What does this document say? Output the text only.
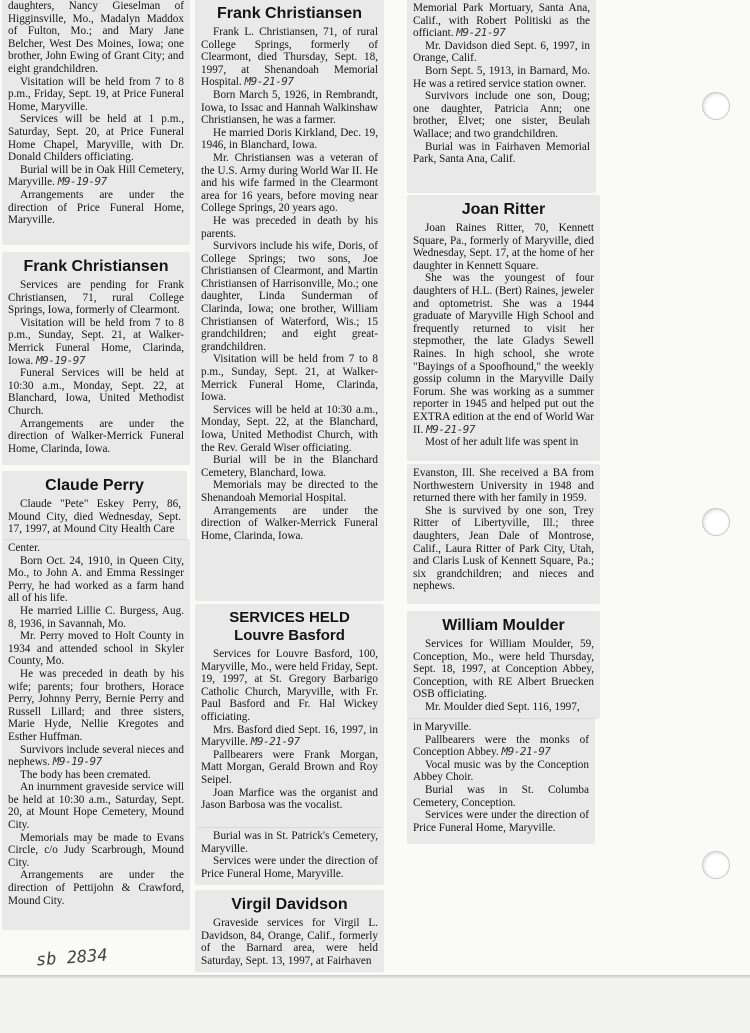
daughters, Nancy Gieselman of Higginsville, Mo., Madalyn Maddox of Fulton, Mo.; and Mary Jane Belcher, West Des Moines, Iowa; one brother, John Ewing of Grant City; and eight grandchildren.

Visitation will be held from 7 to 8 p.m., Friday, Sept. 19, at Price Funeral Home, Maryville.

Services will be held at 1 p.m., Saturday, Sept. 20, at Price Funeral Home Chapel, Maryville, with Dr. Donald Childers officiating.

Burial will be in Oak Hill Cemetery, Maryville. M9-19-97

Arrangements are under the direction of Price Funeral Home, Maryville.

Frank Christiansen

Services are pending for Frank Christiansen, 71, rural College Springs, Iowa, formerly of Clearmont.

Visitation will be held from 7 to 8 p.m., Sunday, Sept. 21, at Walker-Merrick Funeral Home, Clarinda, Iowa. M9-19-97

Funeral Services will be held at 10:30 a.m., Monday, Sept. 22, at Blanchard, Iowa, United Methodist Church.

Arrangements are under the direction of Walker-Merrick Funeral Home, Clarinda, Iowa.

Claude Perry

Claude "Pete" Eskey Perry, 86, Mound City, died Wednesday, Sept. 17, 1997, at Mound City Health Care

Center.

Born Oct. 24, 1910, in Queen City, Mo., to John A. and Emma Ressinger Perry, he had worked as a farm hand all of his life.

He married Lillie C. Burgess, Aug. 8, 1936, in Savannah, Mo.

Mr. Perry moved to Holt County in 1934 and attended school in Skyler County, Mo.

He was preceded in death by his wife; parents; four brothers, Horace Perry, Johnny Perry, Bernie Perry and Russell Lillard; and three sisters, Marie Hyde, Nellie Kregotes and Esther Huffman.

Survivors include several nieces and nephews. M9-19-97

The body has been cremated.

An inurnment graveside service will be held at 10:30 a.m., Saturday, Sept. 20, at Mount Hope Cemetery, Mound City.

Memorials may be made to Evans Circle, c/o Judy Scarbrough, Mound City.

Arrangements are under the direction of Pettijohn & Crawford, Mound City.

Frank Christiansen

Frank L. Christiansen, 71, of rural College Springs, formerly of Clearmont, died Thursday, Sept. 18, 1997, at Shenandoah Memorial Hospital. M9-21-97

Born March 5, 1926, in Rembrandt, Iowa, to Issac and Hannah Walkinshaw Christiansen, he was a farmer.

He married Doris Kirkland, Dec. 19, 1946, in Blanchard, Iowa.

Mr. Christiansen was a veteran of the U.S. Army during World War II. He and his wife farmed in the Clearmont area for 16 years, before moving near College Springs, 20 years ago.

He was preceded in death by his parents.

Survivors include his wife, Doris, of College Springs; two sons, Joe Christiansen of Clearmont, and Martin Christiansen of Harrisonville, Mo.; one daughter, Linda Sunderman of Clarinda, Iowa; one brother, William Christiansen of Waterford, Wis.; 15 grandchildren; and eight great-grandchildren.

Visitation will be held from 7 to 8 p.m., Sunday, Sept. 21, at Walker-Merrick Funeral Home, Clarinda, Iowa.

Services will be held at 10:30 a.m., Monday, Sept. 22, at the Blanchard, Iowa, United Methodist Church, with the Rev. Gerald Wiser officiating.

Burial will be in the Blanchard Cemetery, Blanchard, Iowa.

Memorials may be directed to the Shenandoah Memorial Hospital.

Arrangements are under the direction of Walker-Merrick Funeral Home, Clarinda, Iowa.

SERVICES HELD
Louvre Basford

Services for Louvre Basford, 100, Maryville, Mo., were held Friday, Sept. 19, 1997, at St. Gregory Barbarigo Catholic Church, Maryville, with Fr. Paul Basford and Fr. Hal Wickey officiating.

Mrs. Basford died Sept. 16, 1997, in Maryville. M9-21-97

Pallbearers were Frank Morgan, Matt Morgan, Gerald Brown and Roy Seipel.

Joan Marfice was the organist and Jason Barbosa was the vocalist.

Burial was in St. Patrick's Cemetery, Maryville.

Services were under the direction of Price Funeral Home, Maryville.

Virgil Davidson

Graveside services for Virgil L. Davidson, 84, Orange, Calif., formerly of the Barnard area, were held Saturday, Sept. 13, 1997, at Fairhaven

Memorial Park Mortuary, Santa Ana, Calif., with Robert Politiski as the officiant. M9-21-97

Mr. Davidson died Sept. 6, 1997, in Orange, Calif.

Born Sept. 5, 1913, in Barnard, Mo. He was a retired service station owner.

Survivors include one son, Doug; one daughter, Patricia Ann; one brother, Elvet; one sister, Beulah Wallace; and two grandchildren.

Burial was in Fairhaven Memorial Park, Santa Ana, Calif.

Joan Ritter

Joan Raines Ritter, 70, Kennett Square, Pa., formerly of Maryville, died Wednesday, Sept. 17, at the home of her daughter in Kennett Square.

She was the youngest of four daughters of H.L. (Bert) Raines, jeweler and optometrist. She was a 1944 graduate of Maryville High School and frequently returned to visit her stepmother, the late Gladys Sewell Raines. In high school, she wrote "Bayings of a Spoofhound," the weekly gossip column in the Maryville Daily Forum. She was working as a summer reporter in 1945 and helped put out the EXTRA edition at the end of World War II. M9-21-97

Most of her adult life was spent in

Evanston, Ill. She received a BA from Northwestern University in 1948 and returned there with her family in 1959.

She is survived by one son, Trey Ritter of Libertyville, Ill.; three daughters, Jean Dale of Montrose, Calif., Laura Ritter of Park City, Utah, and Claris Lusk of Kennett Square, Pa.; six grandchildren; and nieces and nephews.

William Moulder

Services for William Moulder, 59, Conception, Mo., were held Thursday, Sept. 18, 1997, at Conception Abbey, Conception, with RE Albert Bruecken OSB officiating.

Mr. Moulder died Sept. 116, 1997,

in Maryville.

Pallbearers were the monks of Conception Abbey. M9-21-97

Vocal music was by the Conception Abbey Choir.

Burial was in St. Columba Cemetery, Conception.

Services were under the direction of Price Funeral Home, Maryville.

sb 2834
